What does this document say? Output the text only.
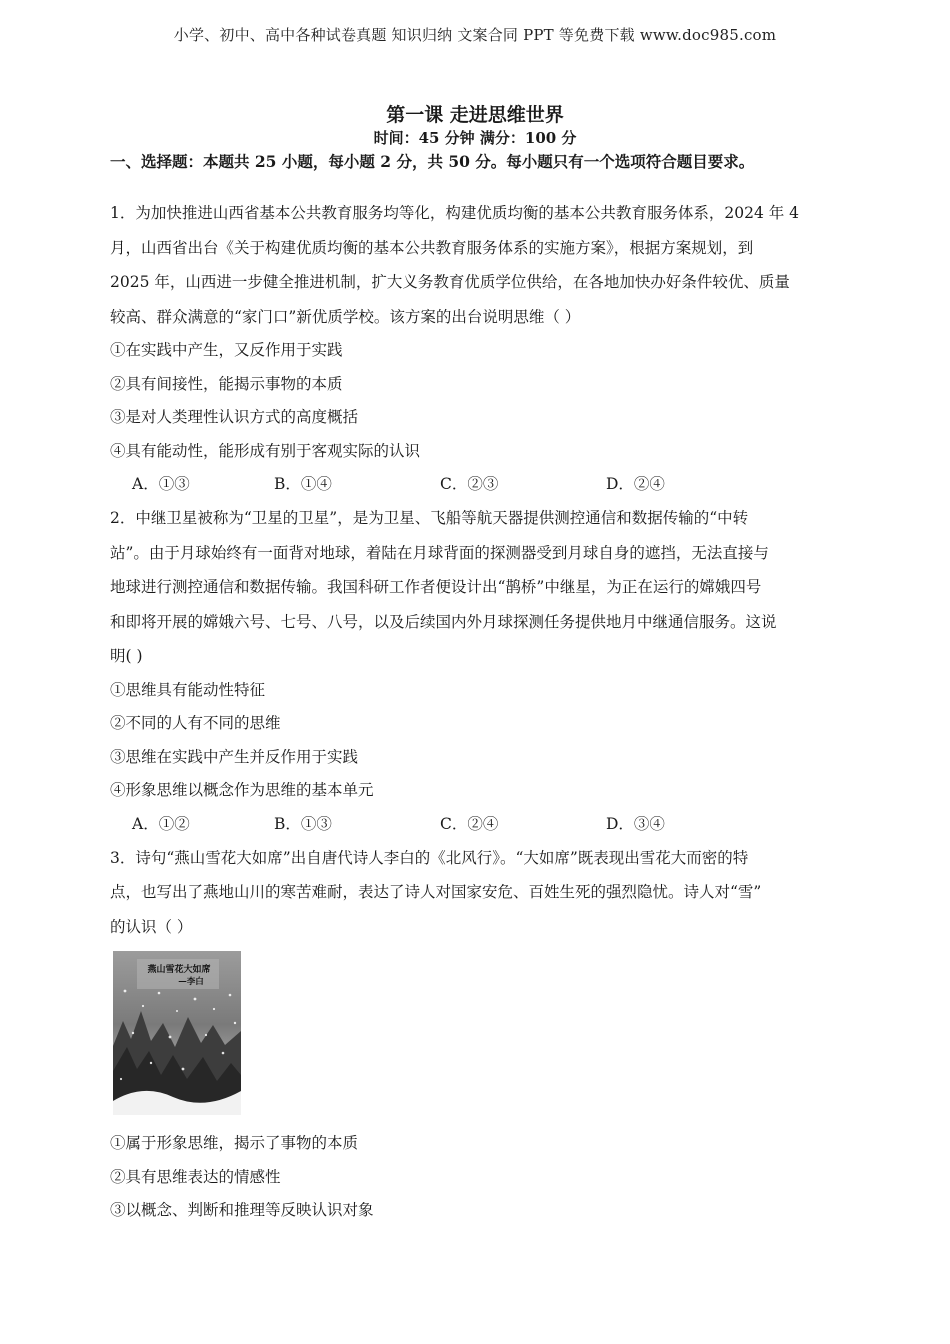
小学、初中、高中各种试卷真题 知识归纳 文案合同 PPT 等免费下载 www.doc985.com
第一课 走进思维世界
时间：45 分钟 满分：100 分
一、选择题：本题共 25 小题，每小题 2 分，共 50 分。每小题只有一个选项符合题目要求。

1．为加快推进山西省基本公共教育服务均等化，构建优质均衡的基本公共教育服务体系，2024 年 4
月，山西省出台《关于构建优质均衡的基本公共教育服务体系的实施方案》，根据方案规划，到
2025 年，山西进一步健全推进机制，扩大义务教育优质学位供给，在各地加快办好条件较优、质量
较高、群众满意的“家门口”新优质学校。该方案的出台说明思维（ ）

①在实践中产生，又反作用于实践

②具有间接性，能揭示事物的本质

③是对人类理性认识方式的高度概括

④具有能动性，能形成有别于客观实际的认识

A．①③	B．①④	C．②③	D．②④

2．中继卫星被称为“卫星的卫星”，是为卫星、飞船等航天器提供测控通信和数据传输的“中转
站”。由于月球始终有一面背对地球，着陆在月球背面的探测器受到月球自身的遮挡，无法直接与
地球进行测控通信和数据传输。我国科研工作者便设计出“鹊桥”中继星，为正在运行的嫦娥四号
和即将开展的嫦娥六号、七号、八号，以及后续国内外月球探测任务提供地月中继通信服务。这说
明( )

①思维具有能动性特征

②不同的人有不同的思维

③思维在实践中产生并反作用于实践

④形象思维以概念作为思维的基本单元

A．①②	B．①③	C．②④	D．③④

3．诗句“燕山雪花大如席”出自唐代诗人李白的《北风行》。“大如席”既表现出雪花大而密的特
点，也写出了燕地山川的寒苦难耐，表达了诗人对国家安危、百姓生死的强烈隐忧。诗人对“雪”
的认识（ ）

燕山雪花大如席
—李白

①属于形象思维，揭示了事物的本质

②具有思维表达的情感性

③以概念、判断和推理等反映认识对象
